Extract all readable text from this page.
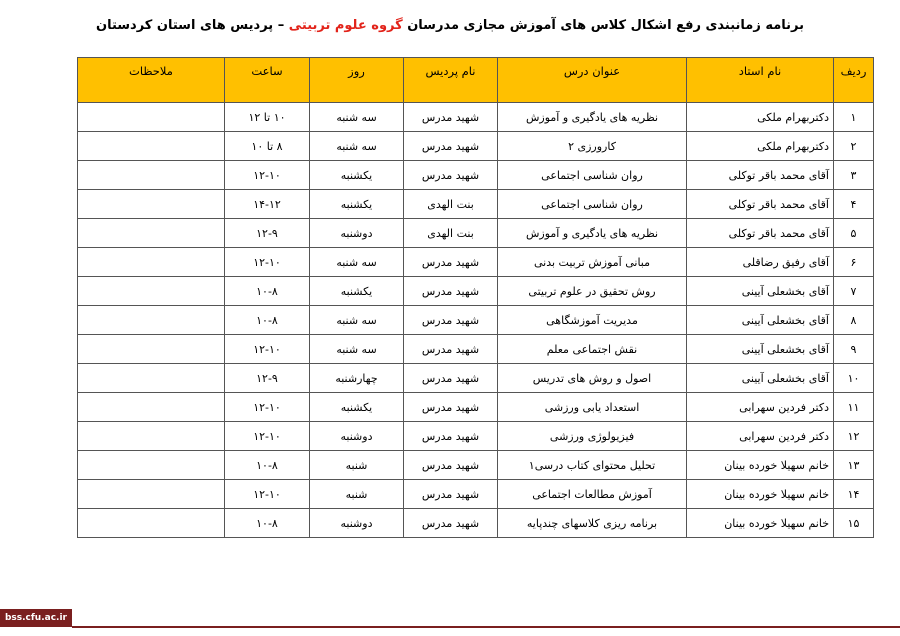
برنامه زمانبندی رفع اشکال کلاس های آموزش مجازی مدرسان گروه علوم تربیتی – پردیس های استان کردستان
ردیف	نام استاد	عنوان درس	نام پردیس	روز	ساعت	ملاحظات
۱	دکتربهرام ملکی	نظریه های یادگیری و آموزش	شهید مدرس	سه شنبه	۱۰ تا ۱۲	
۲	دکتربهرام ملکی	کارورزی ۲	شهید مدرس	سه شنبه	۸ تا ۱۰	
۳	آقای محمد باقر توکلی	روان شناسی اجتماعی	شهید مدرس	یکشنبه	۱۲-۱۰	
۴	آقای محمد باقر توکلی	روان شناسی اجتماعی	بنت الهدی	یکشنبه	۱۴-۱۲	
۵	آقای محمد باقر توکلی	نظریه های یادگیری و آموزش	بنت الهدی	دوشنبه	۱۲-۹	
۶	آقای رفیق رضاقلی	مبانی آموزش تربیت بدنی	شهید مدرس	سه شنبه	۱۲-۱۰	
۷	آقای بخشعلی آیینی	روش تحقیق در علوم تربیتی	شهید مدرس	یکشنبه	۱۰-۸	
۸	آقای بخشعلی آیینی	مدیریت آموزشگاهی	شهید مدرس	سه شنبه	۱۰-۸	
۹	آقای بخشعلی آیینی	نقش اجتماعی معلم	شهید مدرس	سه شنبه	۱۲-۱۰	
۱۰	آقای بخشعلی آیینی	اصول و روش های تدریس	شهید مدرس	چهارشنبه	۱۲-۹	
۱۱	دکتر فردین سهرابی	استعداد یابی ورزشی	شهید مدرس	یکشنبه	۱۲-۱۰	
۱۲	دکتر فردین سهرابی	فیزیولوژی ورزشی	شهید مدرس	دوشنبه	۱۲-۱۰	
۱۳	خانم سهیلا خورده بینان	تحلیل محتوای کتاب درسی۱	شهید مدرس	شنبه	۱۰-۸	
۱۴	خانم سهیلا خورده بینان	آموزش مطالعات اجتماعی	شهید مدرس	شنبه	۱۲-۱۰	
۱۵	خانم سهیلا خورده بینان	برنامه ریزی کلاسهای چندپایه	شهید مدرس	دوشنبه	۱۰-۸	
bss.cfu.ac.ir
